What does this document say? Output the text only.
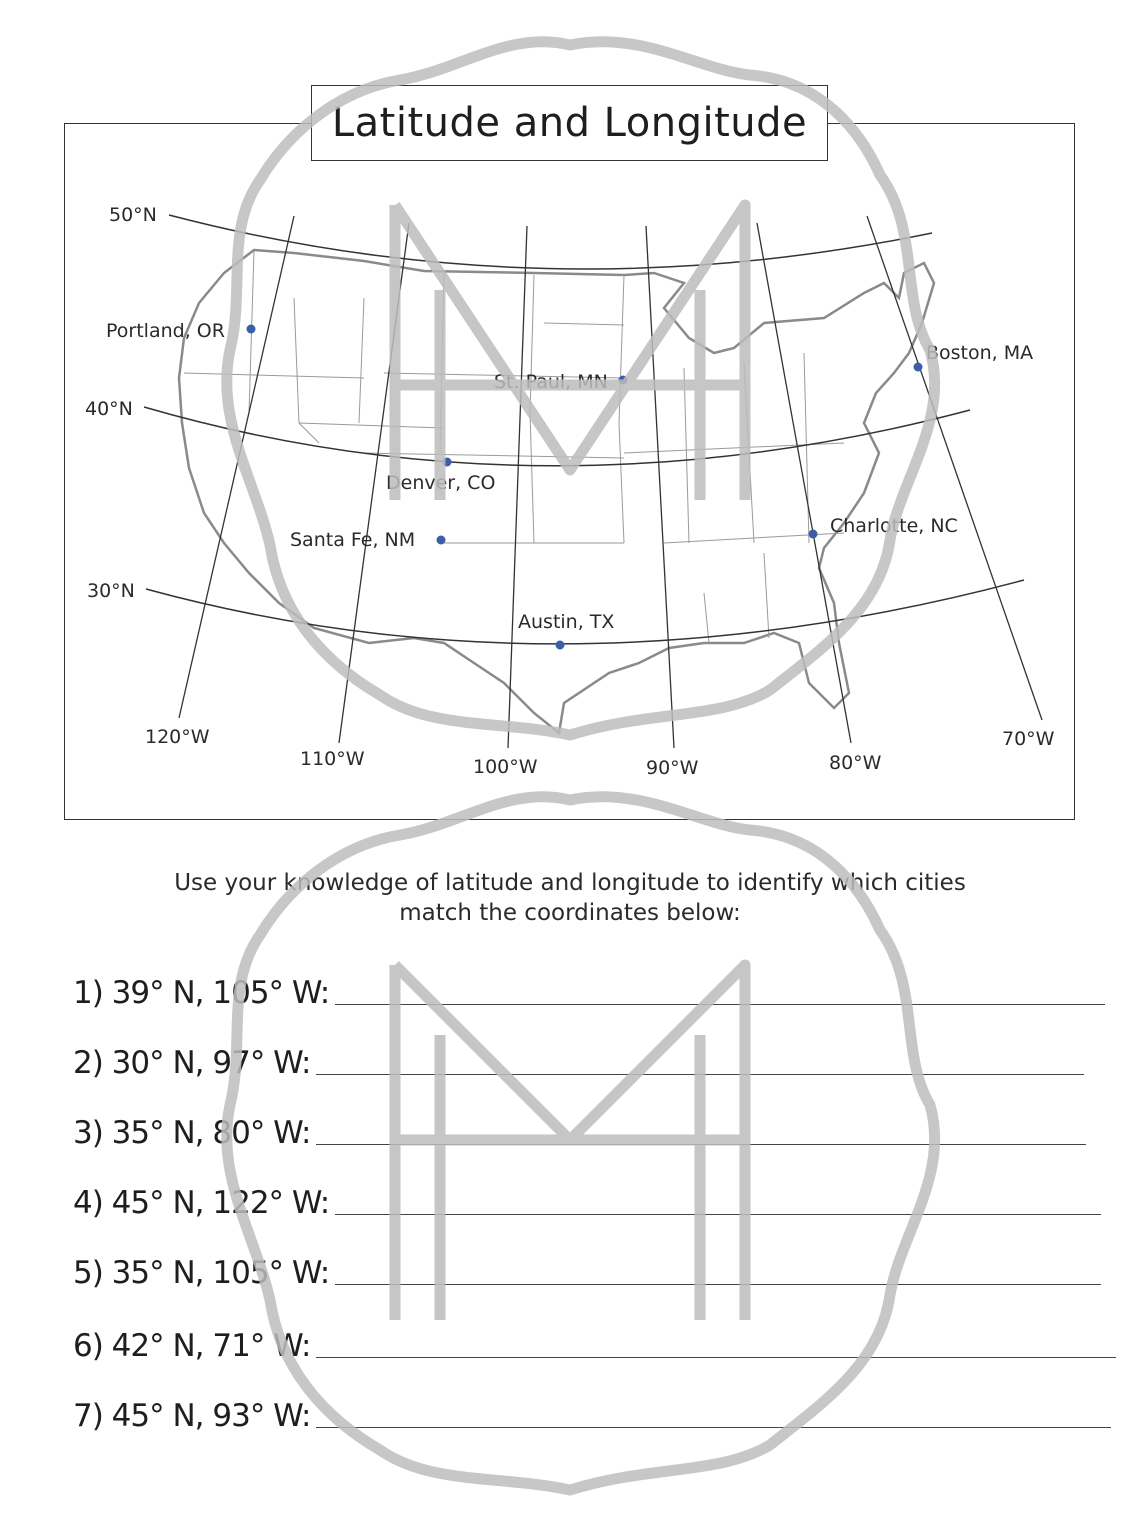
50°N
40°N
30°N
120°W
110°W	100°W	90°W	80°W
70°W
Portland, OR
St. Paul, MN
Boston, MA
Denver, CO
Santa Fe, NM
Charlotte, NC
Austin, TX
Latitude and Longitude
Use your knowledge of latitude and longitude to identify which cities
match the coordinates below:
1) 39° N, 105° W:
2) 30° N, 97° W:
3) 35° N, 80° W:
4) 45° N, 122° W:
5) 35° N, 105° W:
6) 42° N, 71° W:
7) 45° N, 93° W:
